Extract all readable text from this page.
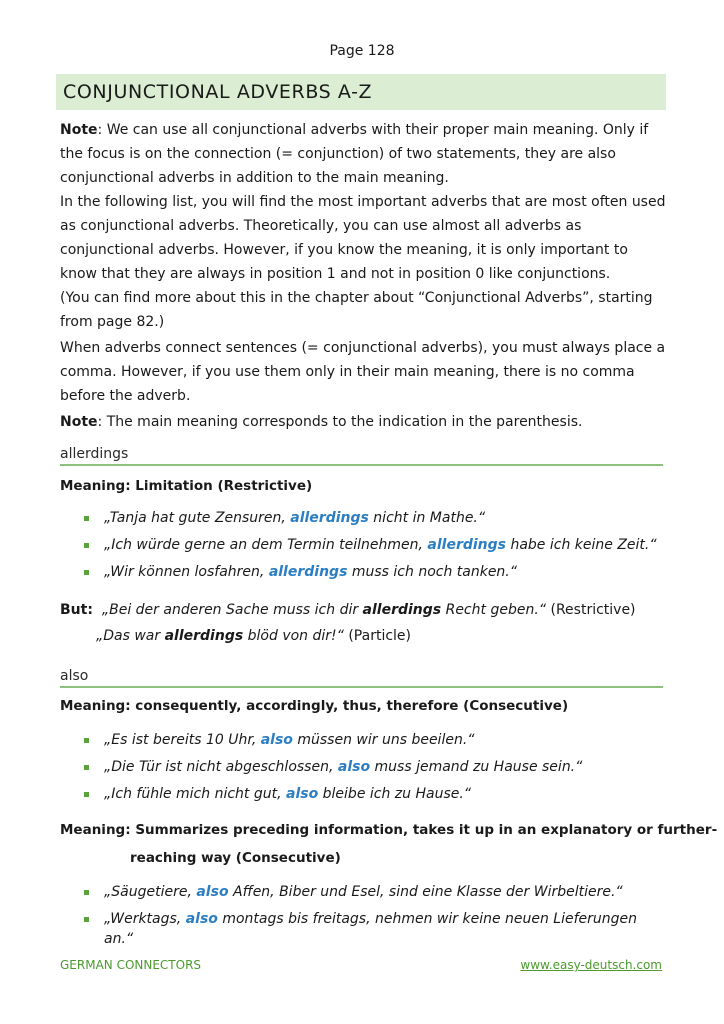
Page 128
CONJUNCTIONAL ADVERBS A-Z

Note: We can use all conjunctional adverbs with their proper main meaning. Only if the focus is on the connection (= conjunction) of two statements, they are also conjunctional adverbs in addition to the main meaning.

In the following list, you will find the most important adverbs that are most often used as conjunctional adverbs. Theoretically, you can use almost all adverbs as conjunctional adverbs. However, if you know the meaning, it is only important to know that they are always in position 1 and not in position 0 like conjunctions.

(You can find more about this in the chapter about “Conjunctional Adverbs”, starting from page 82.)

When adverbs connect sentences (= conjunctional adverbs), you must always place a comma. However, if you use them only in their main meaning, there is no comma before the adverb.

Note: The main meaning corresponds to the indication in the parenthesis.

allerdings
Meaning: Limitation (Restrictive)
„Tanja hat gute Zensuren, allerdings nicht in Mathe.“
„Ich würde gerne an dem Termin teilnehmen, allerdings habe ich keine Zeit.“
„Wir können losfahren, allerdings muss ich noch tanken.“
But: „Bei der anderen Sache muss ich dir allerdings Recht geben.“ (Restrictive)
„Das war allerdings blöd von dir!“ (Particle)
also
Meaning: consequently, accordingly, thus, therefore (Consecutive)
„Es ist bereits 10 Uhr, also müssen wir uns beeilen.“
„Die Tür ist nicht abgeschlossen, also muss jemand zu Hause sein.“
„Ich fühle mich nicht gut, also bleibe ich zu Hause.“
Meaning: Summarizes preceding information, takes it up in an explanatory or further-
reaching way (Consecutive)
„Säugetiere, also Affen, Biber und Esel, sind eine Klasse der Wirbeltiere.“
„Werktags, also montags bis freitags, nehmen wir keine neuen Lieferungen
an.“
GERMAN CONNECTORS	www.easy-deutsch.com
